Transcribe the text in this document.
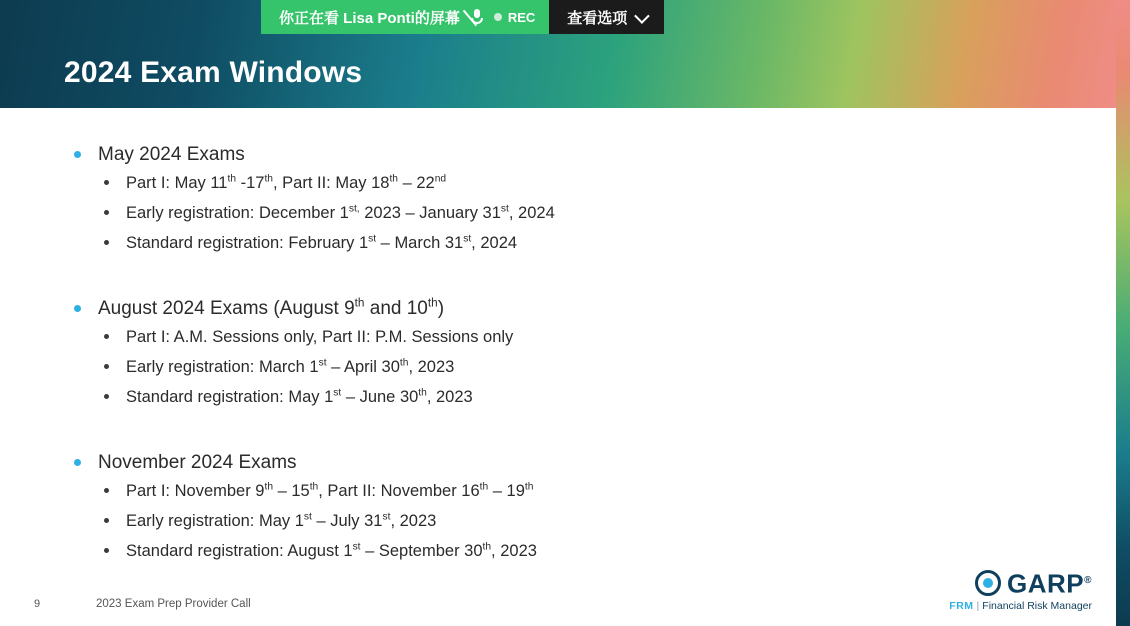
2024 Exam Windows
May 2024 Exams
Part I: May 11th -17th, Part II: May 18th – 22nd
Early registration: December $1^{st,}$ 2023 – January 31st, 2024
Standard registration: February 1st – March 31st, 2024
August 2024 Exams (August 9th and 10th)
Part I: A.M. Sessions only, Part II: P.M. Sessions only
Early registration: March 1st – April 30th, 2023
Standard registration: May 1st – June 30th, 2023
November 2024 Exams
Part I: November 9th – 15th, Part II: November 16th – 19th
Early registration: May 1st – July 31st, 2023
Standard registration: August 1st – September 30th, 2023
9	2023 Exam Prep Provider Call
GARP®
FRM | Financial Risk Manager
你正在看 Lisa Ponti的屏幕	REC 查看选项
